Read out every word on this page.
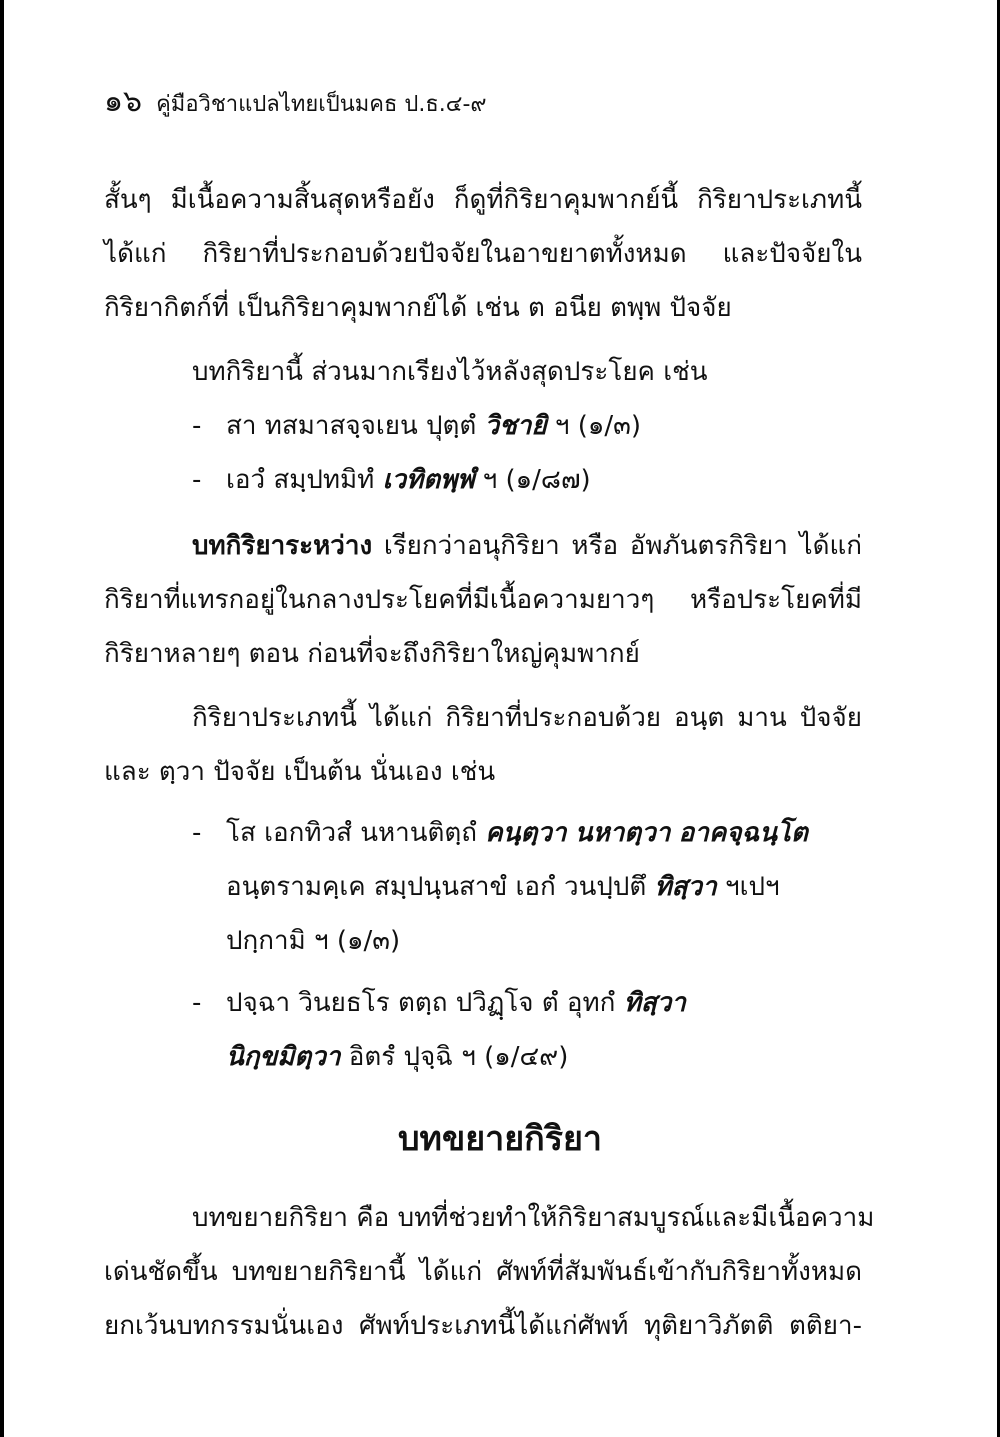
๑๖ คู่มือวิชาแปลไทยเป็นมคธ ป.ธ.๔-๙
สั้นๆ มีเนื้อความสิ้นสุดหรือยัง ก็ดูที่กิริยาคุมพากย์นี้ กิริยาประเภทนี้
ได้แก่ กิริยาที่ประกอบด้วยปัจจัยในอาขยาตทั้งหมด และปัจจัยใน
กิริยากิตก์ที่ เป็นกิริยาคุมพากย์ได้ เช่น ต อนีย ตพฺพ ปัจจัย
บทกิริยานี้ ส่วนมากเรียงไว้หลังสุดประโยค เช่น
- สา ทสมาสจฺจเยน ปุตฺตํ วิชายิ ฯ (๑/๓)
- เอวํ สมฺปทมิทํ เวทิตพฺพํ ฯ (๑/๘๗)
บทกิริยาระหว่าง เรียกว่าอนุกิริยา หรือ อัพภันตรกิริยา ได้แก่
กิริยาที่แทรกอยู่ในกลางประโยคที่มีเนื้อความยาวๆ หรือประโยคที่มี
กิริยาหลายๆ ตอน ก่อนที่จะถึงกิริยาใหญ่คุมพากย์
กิริยาประเภทนี้ ได้แก่ กิริยาที่ประกอบด้วย อนฺต มาน ปัจจัย
และ ตฺวา ปัจจัย เป็นต้น นั่นเอง เช่น
- โส เอกทิวสํ นหานติตฺถํ คนฺตฺวา นหาตฺวา อาคจฺฉนฺโต
อนฺตรามคฺเค สมฺปนฺนสาขํ เอกํ วนปฺปตึ ทิสฺวา ฯเปฯ
ปกฺกามิ ฯ (๑/๓)
- ปจฺฉา วินยธโร ตตฺถ ปวิฏฺโจ ตํ อุทกํ ทิสฺวา
นิกฺขมิตฺวา อิตรํ ปุจฺฉิ ฯ (๑/๔๙)
บทขยายกิริยา
บทขยายกิริยา คือ บทที่ช่วยทำให้กิริยาสมบูรณ์และมีเนื้อความ
เด่นชัดขึ้น บทขยายกิริยานี้ ได้แก่ ศัพท์ที่สัมพันธ์เข้ากับกิริยาทั้งหมด
ยกเว้นบทกรรมนั่นเอง ศัพท์ประเภทนี้ได้แก่ศัพท์ ทุติยาวิภัตติ ตติยา-
